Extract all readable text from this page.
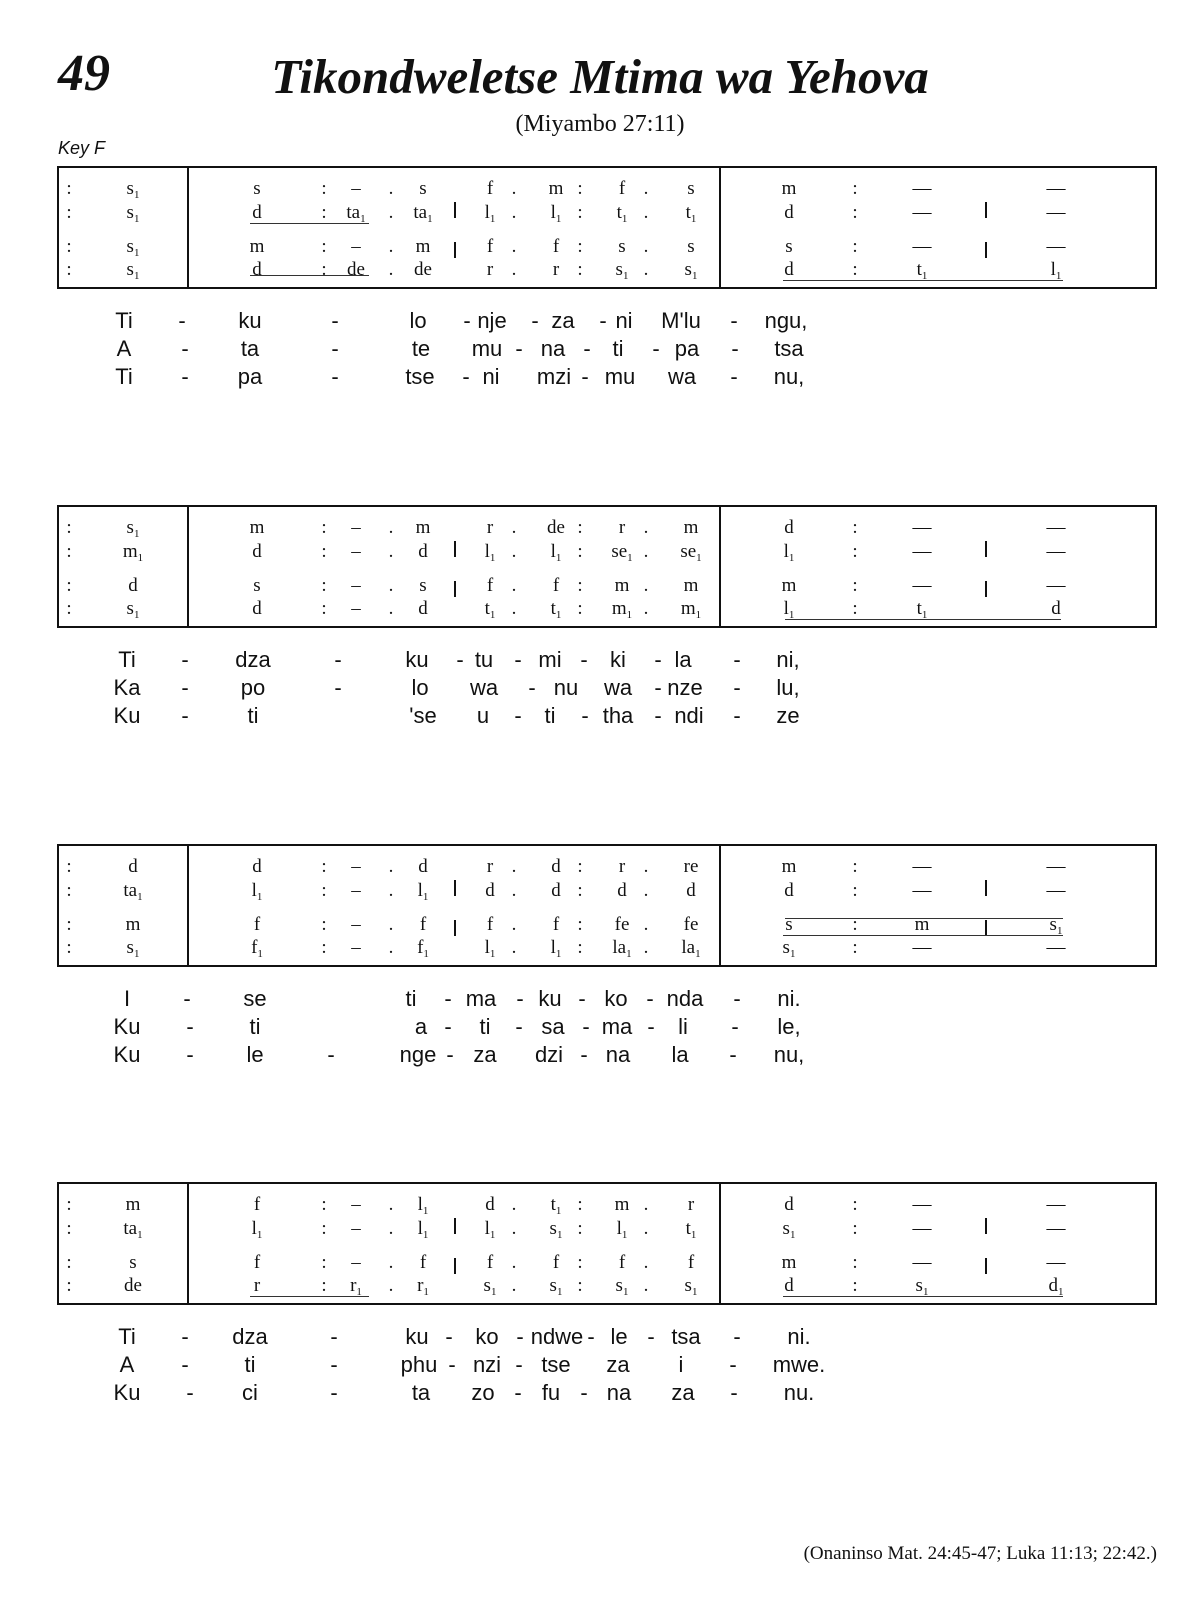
49	Tikondweletse Mtima wa Yehova
(Miyambo 27:11)
Key F
:	$s_1$	s	: – . s	f . m : f . s	m	:	—	—
:	$s_1$	d	: $ta_1$ . $ta_1$	$l_1$ . $l_1$ : $t_1$ . $t_1$	d	:	—	—
:	$s_1$	m	: – . m	f . f : s . s	s	:	—	—
:	$s_1$	d	: de . de	r . r : $s_1$ . $s_1$	d	:	$t_1$	$l_1$
Ti - ku	-	lo - nje - za - ni M'lu - ngu,
A - ta	-	te mu - na - ti - pa - tsa
Ti - pa	-	tse - ni mzi - mu wa - nu,
:	$s_1$	m	: – . m	r . de : r . m	d	:	—	—
:	$m_1$	d	: – . d	$l_1$ . $l_1$ : $se_1$ . $se_1$	$l_1$	:	—	—
:	d	s	: – . s	f . f : m . m	m	:	—	—
:	$s_1$	d	: – . d	$t_1$ . $t_1$ : $m_1$ . $m_1$	$l_1$	:	$t_1$	d
Ti - dza	-	ku - tu - mi - ki - la - ni,
Ka - po	-	lo wa - nu wa - nze - lu,
Ku -	ti	'se u - ti - tha - ndi - ze
:	d	d	: – . d	r . d : r . re	m	:	—	—
:	$ta_1$	$l_1$	: – . $l_1$	d . d : d . d	d	:	—	—
:	m	f	: – . f	f . f : fe . fe	s	:	m	$s_1$
:	$s_1$	$f_1$	: – . $f_1$	$l_1$ . $l_1$ : $la_1$ . $la_1$	$s_1$	:	—	—
I - se	ti - ma - ku - ko - nda - ni.
Ku -	ti	a - ti - sa - ma - li - le,
Ku - le	-	nge - za dzi - na la - nu,
:	m	f	: – . $l_1$	d . $t_1$ : m . r	d	:	—	—
:	$ta_1$	$l_1$	: – . $l_1$	$l_1$ . $s_1$ : $l_1$ . $t_1$	$s_1$	:	—	—
:	s	f	: – . f	f . f : f . f	m	:	—	—
:	de	r	: $r_1$ . $r_1$	$s_1$ . $s_1$ : $s_1$ . $s_1$	d	:	$s_1$	$d_1$
Ti - dza	-	ku - ko - ndwe - le - tsa - ni.
A -	ti	-	phu - nzi - tse za i - mwe.
Ku - ci	-	ta zo - fu - na za - nu.
(Onaninso Mat. 24:45-47; Luka 11:13; 22:42.)
